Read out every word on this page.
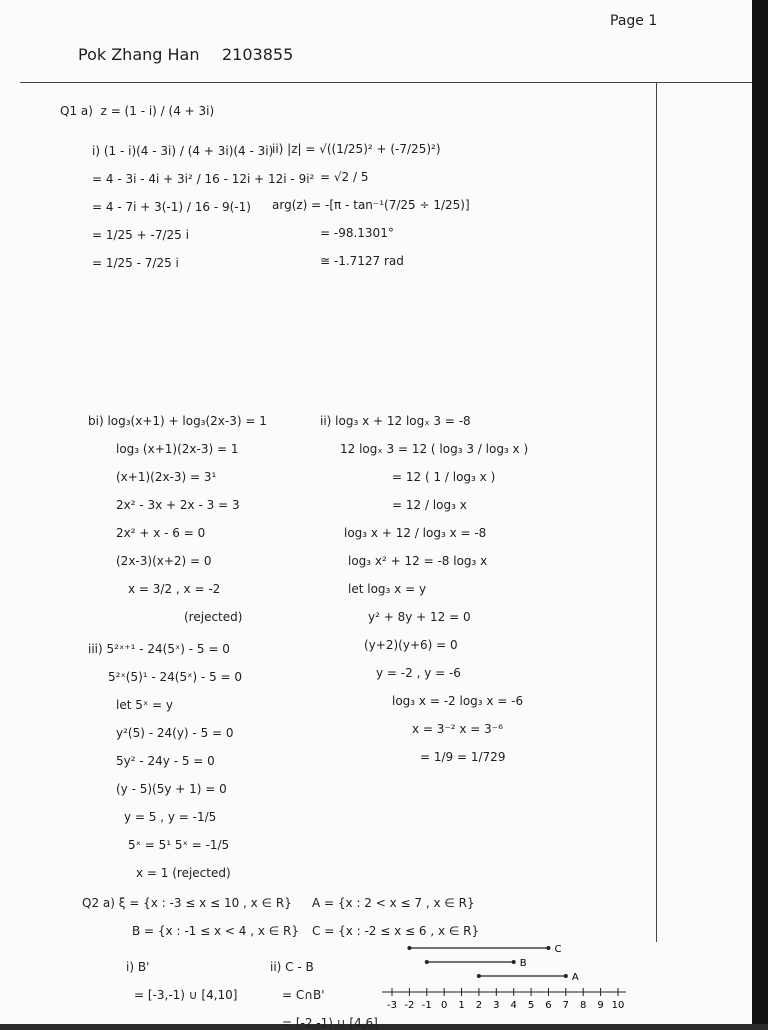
Page 1
Pok Zhang Han 2103855
Q1 a) z = (1 - i) / (4 + 3i)
i) (1 - i)(4 - 3i) / (4 + 3i)(4 - 3i)

= 4 - 3i - 4i + 3i² / 16 - 12i + 12i - 9i²

= 4 - 7i + 3(-1) / 16 - 9(-1)

= 1/25 + -7/25 i

= 1/25 - 7/25 i
ii) |z| = √((1/25)² + (-7/25)²)

= √2 / 5

arg(z) = -[π - tan⁻¹(7/25 ÷ 1/25)]

= -98.1301°

≅ -1.7127 rad
bi) log₃(x+1) + log₃(2x-3) = 1

log₃ (x+1)(2x-3) = 1

(x+1)(2x-3) = 3¹

2x² - 3x + 2x - 3 = 3

2x² + x - 6 = 0

(2x-3)(x+2) = 0

x = 3/2 , x = -2

(rejected)
ii) log₃ x + 12 logₓ 3 = -8

12 logₓ 3 = 12 ( log₃ 3 / log₃ x )

= 12 ( 1 / log₃ x )

= 12 / log₃ x

log₃ x + 12 / log₃ x = -8

log₃ x² + 12 = -8 log₃ x

let log₃ x = y

y² + 8y + 12 = 0

(y+2)(y+6) = 0

y = -2 , y = -6

log₃ x = -2 log₃ x = -6

x = 3⁻² x = 3⁻⁶

= 1/9 = 1/729
iii) 5²ˣ⁺¹ - 24(5ˣ) - 5 = 0

5²ˣ(5)¹ - 24(5ˣ) - 5 = 0

let 5ˣ = y

y²(5) - 24(y) - 5 = 0

5y² - 24y - 5 = 0

(y - 5)(5y + 1) = 0

y = 5 , y = -1/5

5ˣ = 5¹ 5ˣ = -1/5

x = 1 (rejected)
Q2 a) ξ = {x : -3 ≤ x ≤ 10 , x ∈ R}

B = {x : -1 ≤ x < 4 , x ∈ R}
A = {x : 2 < x ≤ 7 , x ∈ R}

C = {x : -2 ≤ x ≤ 6 , x ∈ R}
i) B'

= [-3,-1) ∪ [4,10]
ii) C - B

= C∩B'

= [-2,-1) ∪ [4,6]
-3 -2 -1 0 1 2 3 4 5 6 7 8 9 10
C
B
A
